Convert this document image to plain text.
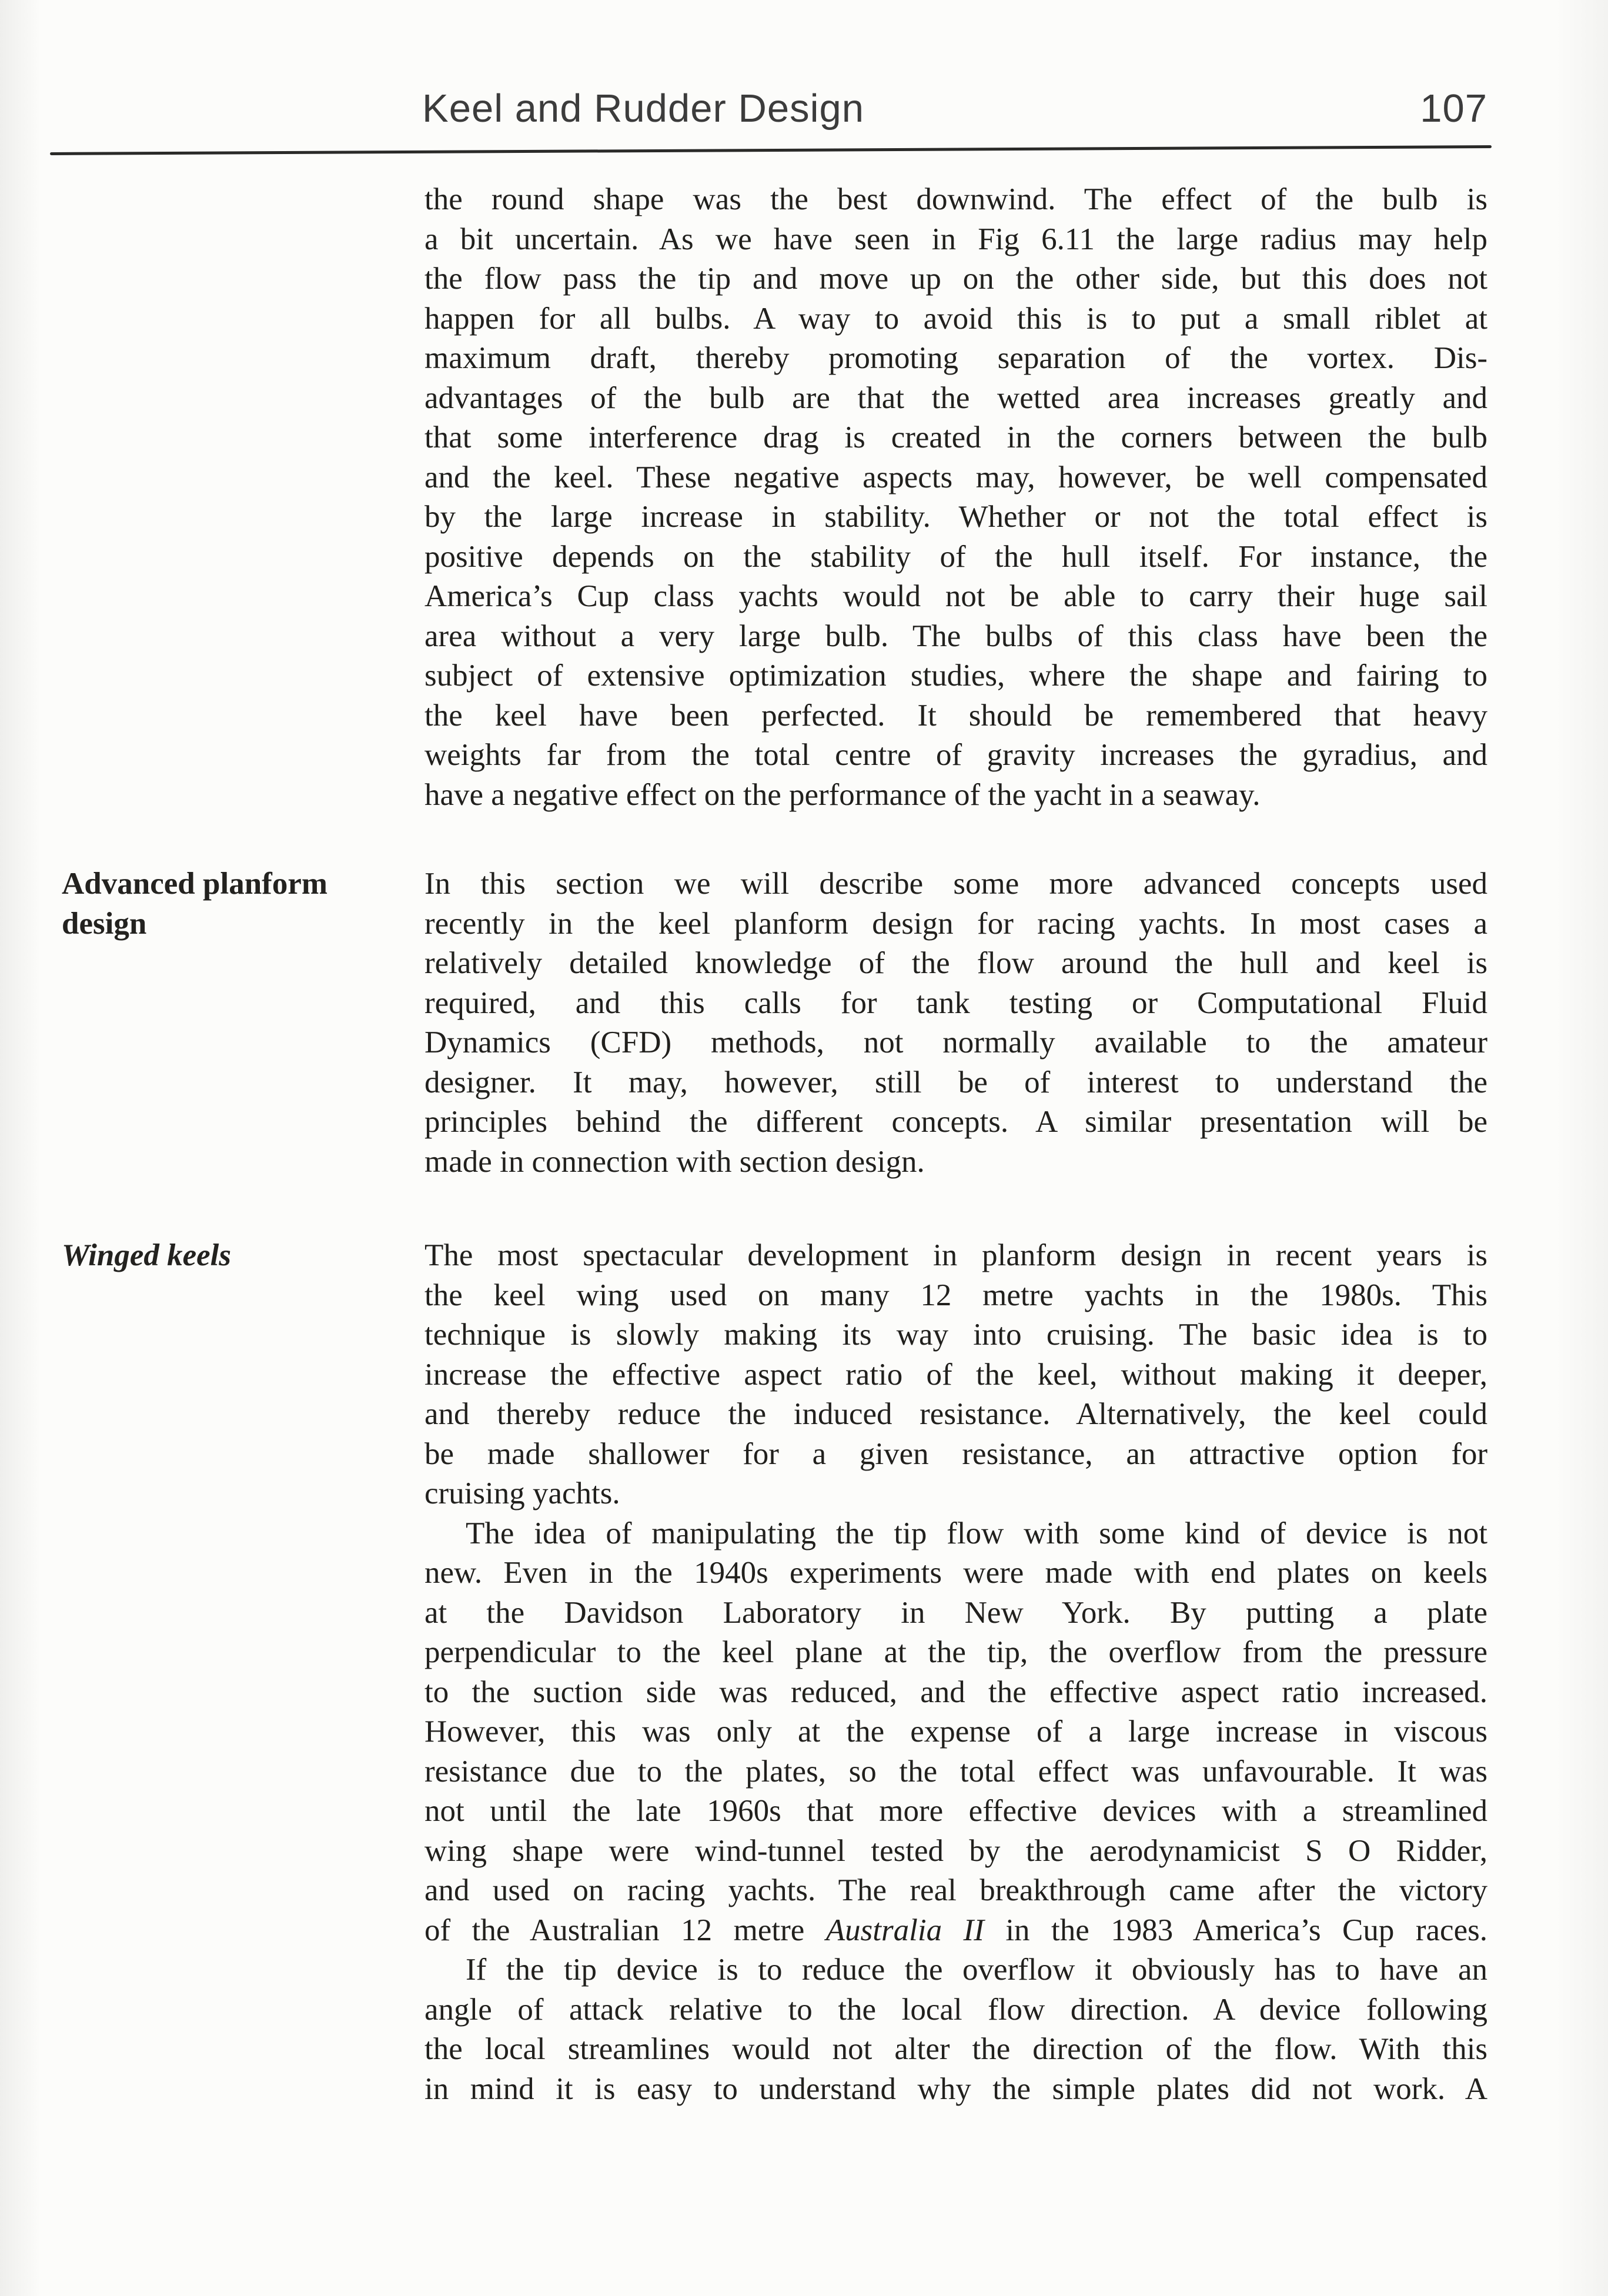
Keel and Rudder Design	107
the round shape was the best downwind. The effect of the bulb is
a bit uncertain. As we have seen in Fig 6.11 the large radius may help
the flow pass the tip and move up on the other side, but this does not
happen for all bulbs. A way to avoid this is to put a small riblet at
maximum draft, thereby promoting separation of the vortex. Dis-
advantages of the bulb are that the wetted area increases greatly and
that some interference drag is created in the corners between the bulb
and the keel. These negative aspects may, however, be well compensated
by the large increase in stability. Whether or not the total effect is
positive depends on the stability of the hull itself. For instance, the
America’s Cup class yachts would not be able to carry their huge sail
area without a very large bulb. The bulbs of this class have been the
subject of extensive optimization studies, where the shape and fairing to
the keel have been perfected. It should be remembered that heavy
weights far from the total centre of gravity increases the gyradius, and
have a negative effect on the performance of the yacht in a seaway.
Advanced planform
design
In this section we will describe some more advanced concepts used
recently in the keel planform design for racing yachts. In most cases a
relatively detailed knowledge of the flow around the hull and keel is
required, and this calls for tank testing or Computational Fluid
Dynamics (CFD) methods, not normally available to the amateur
designer. It may, however, still be of interest to understand the
principles behind the different concepts. A similar presentation will be
made in connection with section design.
Winged keels	The most spectacular development in planform design in recent years is
the keel wing used on many 12 metre yachts in the 1980s. This
technique is slowly making its way into cruising. The basic idea is to
increase the effective aspect ratio of the keel, without making it deeper,
and thereby reduce the induced resistance. Alternatively, the keel could
be made shallower for a given resistance, an attractive option for
cruising yachts.
The idea of manipulating the tip flow with some kind of device is not
new. Even in the 1940s experiments were made with end plates on keels
at the Davidson Laboratory in New York. By putting a plate
perpendicular to the keel plane at the tip, the overflow from the pressure
to the suction side was reduced, and the effective aspect ratio increased.
However, this was only at the expense of a large increase in viscous
resistance due to the plates, so the total effect was unfavourable. It was
not until the late 1960s that more effective devices with a streamlined
wing shape were wind-tunnel tested by the aerodynamicist S O Ridder,
and used on racing yachts. The real breakthrough came after the victory
of the Australian 12 metre Australia II in the 1983 America’s Cup races.
If the tip device is to reduce the overflow it obviously has to have an
angle of attack relative to the local flow direction. A device following
the local streamlines would not alter the direction of the flow. With this
in mind it is easy to understand why the simple plates did not work. A
